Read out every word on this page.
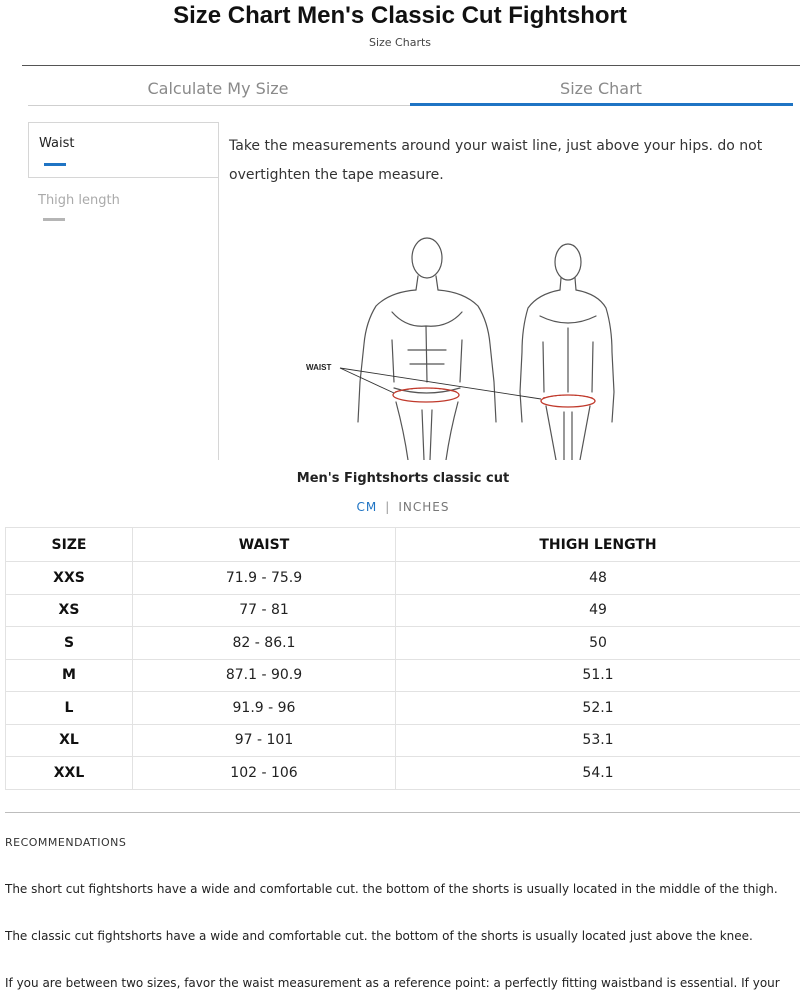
Size Chart Men's Classic Cut Fightshort
Size Charts
Calculate My Size	Size Chart
Waist
Thigh length
Take the measurements around your waist line, just above your hips. do not overtighten the tape measure.
WAIST
Men's Fightshorts classic cut
CM | INCHES
SIZE	WAIST	THIGH LENGTH
XXS	71.9 - 75.9	48
XS	77 - 81	49
S	82 - 86.1	50
M	87.1 - 90.9	51.1
L	91.9 - 96	52.1
XL	97 - 101	53.1
XXL	102 - 106	54.1
RECOMMENDATIONS
The short cut fightshorts have a wide and comfortable cut. the bottom of the shorts is usually located in the middle of the thigh.
The classic cut fightshorts have a wide and comfortable cut. the bottom of the shorts is usually located just above the knee.
If you are between two sizes, favor the waist measurement as a reference point: a perfectly fitting waistband is essential. If your
